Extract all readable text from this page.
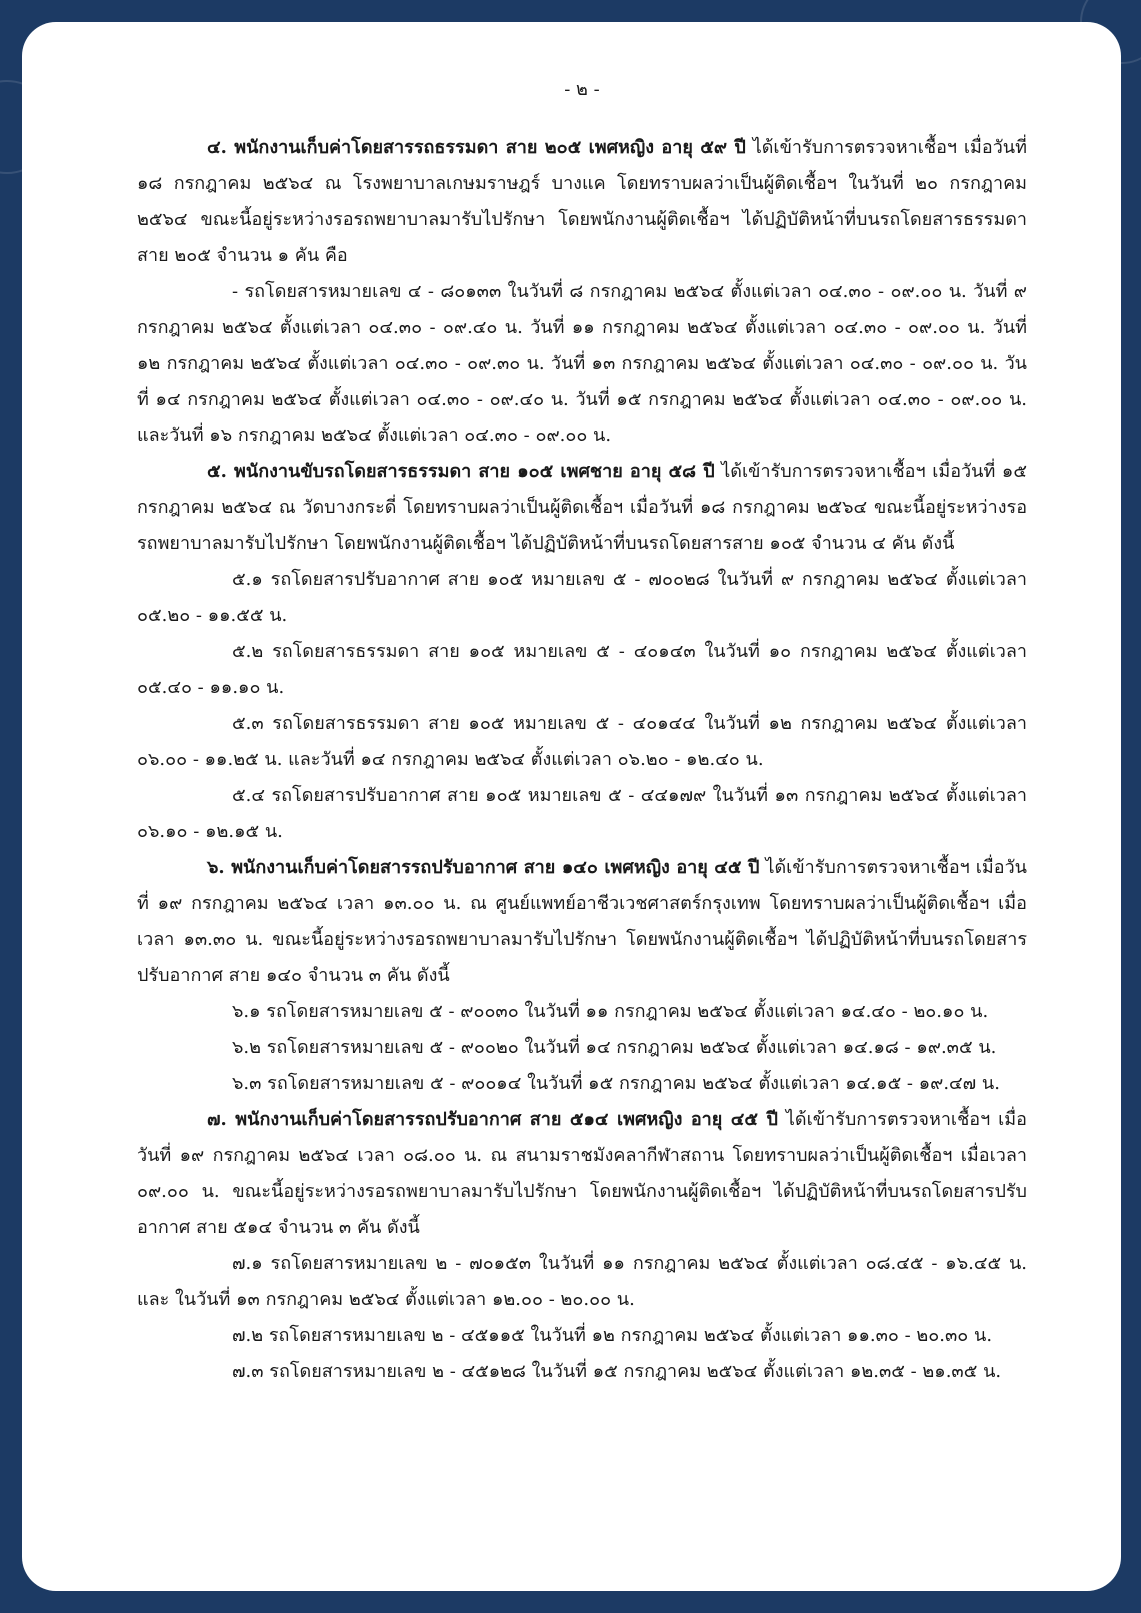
- ๒ -

๔. พนักงานเก็บค่าโดยสารรถธรรมดา สาย ๒๐๕ เพศหญิง อายุ ๕๙ ปี ได้เข้ารับการตรวจหาเชื้อฯ เมื่อวันที่ ๑๘ กรกฎาคม ๒๕๖๔ ณ โรงพยาบาลเกษมราษฎร์ บางแค โดยทราบผลว่าเป็นผู้ติดเชื้อฯ ในวันที่ ๒๐ กรกฎาคม ๒๕๖๔ ขณะนี้อยู่ระหว่างรอรถพยาบาลมารับไปรักษา โดยพนักงานผู้ติดเชื้อฯ ได้ปฏิบัติหน้าที่บนรถโดยสารธรรมดา สาย ๒๐๕ จำนวน ๑ คัน คือ

- รถโดยสารหมายเลข ๔ - ๘๐๑๓๓ ในวันที่ ๘ กรกฎาคม ๒๕๖๔ ตั้งแต่เวลา ๐๔.๓๐ - ๐๙.๐๐ น. วันที่ ๙ กรกฎาคม ๒๕๖๔ ตั้งแต่เวลา ๐๔.๓๐ - ๐๙.๔๐ น. วันที่ ๑๑ กรกฎาคม ๒๕๖๔ ตั้งแต่เวลา ๐๔.๓๐ - ๐๙.๐๐ น. วันที่ ๑๒ กรกฎาคม ๒๕๖๔ ตั้งแต่เวลา ๐๔.๓๐ - ๐๙.๓๐ น. วันที่ ๑๓ กรกฎาคม ๒๕๖๔ ตั้งแต่เวลา ๐๔.๓๐ - ๐๙.๐๐ น. วันที่ ๑๔ กรกฎาคม ๒๕๖๔ ตั้งแต่เวลา ๐๔.๓๐ - ๐๙.๔๐ น. วันที่ ๑๕ กรกฎาคม ๒๕๖๔ ตั้งแต่เวลา ๐๔.๓๐ - ๐๙.๐๐ น. และวันที่ ๑๖ กรกฎาคม ๒๕๖๔ ตั้งแต่เวลา ๐๔.๓๐ - ๐๙.๐๐ น.

๕. พนักงานขับรถโดยสารธรรมดา สาย ๑๐๕ เพศชาย อายุ ๕๘ ปี ได้เข้ารับการตรวจหาเชื้อฯ เมื่อวันที่ ๑๕ กรกฎาคม ๒๕๖๔ ณ วัดบางกระดี่ โดยทราบผลว่าเป็นผู้ติดเชื้อฯ เมื่อวันที่ ๑๘ กรกฎาคม ๒๕๖๔ ขณะนี้อยู่ระหว่างรอรถพยาบาลมารับไปรักษา โดยพนักงานผู้ติดเชื้อฯ ได้ปฏิบัติหน้าที่บนรถโดยสารสาย ๑๐๕ จำนวน ๔ คัน ดังนี้

๕.๑ รถโดยสารปรับอากาศ สาย ๑๐๕ หมายเลข ๕ - ๗๐๐๒๘ ในวันที่ ๙ กรกฎาคม ๒๕๖๔ ตั้งแต่เวลา ๐๕.๒๐ - ๑๑.๕๕ น.

๕.๒ รถโดยสารธรรมดา สาย ๑๐๕ หมายเลข ๕ - ๔๐๑๔๓ ในวันที่ ๑๐ กรกฎาคม ๒๕๖๔ ตั้งแต่เวลา ๐๕.๔๐ - ๑๑.๑๐ น.

๕.๓ รถโดยสารธรรมดา สาย ๑๐๕ หมายเลข ๕ - ๔๐๑๔๔ ในวันที่ ๑๒ กรกฎาคม ๒๕๖๔ ตั้งแต่เวลา ๐๖.๐๐ - ๑๑.๒๕ น. และวันที่ ๑๔ กรกฎาคม ๒๕๖๔ ตั้งแต่เวลา ๐๖.๒๐ - ๑๒.๔๐ น.

๕.๔ รถโดยสารปรับอากาศ สาย ๑๐๕ หมายเลข ๕ - ๔๔๑๗๙ ในวันที่ ๑๓ กรกฎาคม ๒๕๖๔ ตั้งแต่เวลา ๐๖.๑๐ - ๑๒.๑๕ น.

๖. พนักงานเก็บค่าโดยสารรถปรับอากาศ สาย ๑๔๐ เพศหญิง อายุ ๔๕ ปี ได้เข้ารับการตรวจหาเชื้อฯ เมื่อวันที่ ๑๙ กรกฎาคม ๒๕๖๔ เวลา ๑๓.๐๐ น. ณ ศูนย์แพทย์อาชีวเวชศาสตร์กรุงเทพ โดยทราบผลว่าเป็นผู้ติดเชื้อฯ เมื่อเวลา ๑๓.๓๐ น. ขณะนี้อยู่ระหว่างรอรถพยาบาลมารับไปรักษา โดยพนักงานผู้ติดเชื้อฯ ได้ปฏิบัติหน้าที่บนรถโดยสารปรับอากาศ สาย ๑๔๐ จำนวน ๓ คัน ดังนี้

๖.๑ รถโดยสารหมายเลข ๕ - ๙๐๐๓๐ ในวันที่ ๑๑ กรกฎาคม ๒๕๖๔ ตั้งแต่เวลา ๑๔.๔๐ - ๒๐.๑๐ น.

๖.๒ รถโดยสารหมายเลข ๕ - ๙๐๐๒๐ ในวันที่ ๑๔ กรกฎาคม ๒๕๖๔ ตั้งแต่เวลา ๑๔.๑๘ - ๑๙.๓๕ น.

๖.๓ รถโดยสารหมายเลข ๕ - ๙๐๐๑๔ ในวันที่ ๑๕ กรกฎาคม ๒๕๖๔ ตั้งแต่เวลา ๑๔.๑๕ - ๑๙.๔๗ น.

๗. พนักงานเก็บค่าโดยสารรถปรับอากาศ สาย ๕๑๔ เพศหญิง อายุ ๔๕ ปี ได้เข้ารับการตรวจหาเชื้อฯ เมื่อวันที่ ๑๙ กรกฎาคม ๒๕๖๔ เวลา ๐๘.๐๐ น. ณ สนามราชมังคลากีฬาสถาน โดยทราบผลว่าเป็นผู้ติดเชื้อฯ เมื่อเวลา ๐๙.๐๐ น. ขณะนี้อยู่ระหว่างรอรถพยาบาลมารับไปรักษา โดยพนักงานผู้ติดเชื้อฯ ได้ปฏิบัติหน้าที่บนรถโดยสารปรับอากาศ สาย ๕๑๔ จำนวน ๓ คัน ดังนี้

๗.๑ รถโดยสารหมายเลข ๒ - ๗๐๑๕๓ ในวันที่ ๑๑ กรกฎาคม ๒๕๖๔ ตั้งแต่เวลา ๐๘.๔๕ - ๑๖.๔๕ น. และ ในวันที่ ๑๓ กรกฎาคม ๒๕๖๔ ตั้งแต่เวลา ๑๒.๐๐ - ๒๐.๐๐ น.

๗.๒ รถโดยสารหมายเลข ๒ - ๔๕๑๑๕ ในวันที่ ๑๒ กรกฎาคม ๒๕๖๔ ตั้งแต่เวลา ๑๑.๓๐ - ๒๐.๓๐ น.

๗.๓ รถโดยสารหมายเลข ๒ - ๔๕๑๒๘ ในวันที่ ๑๕ กรกฎาคม ๒๕๖๔ ตั้งแต่เวลา ๑๒.๓๕ - ๒๑.๓๕ น.
